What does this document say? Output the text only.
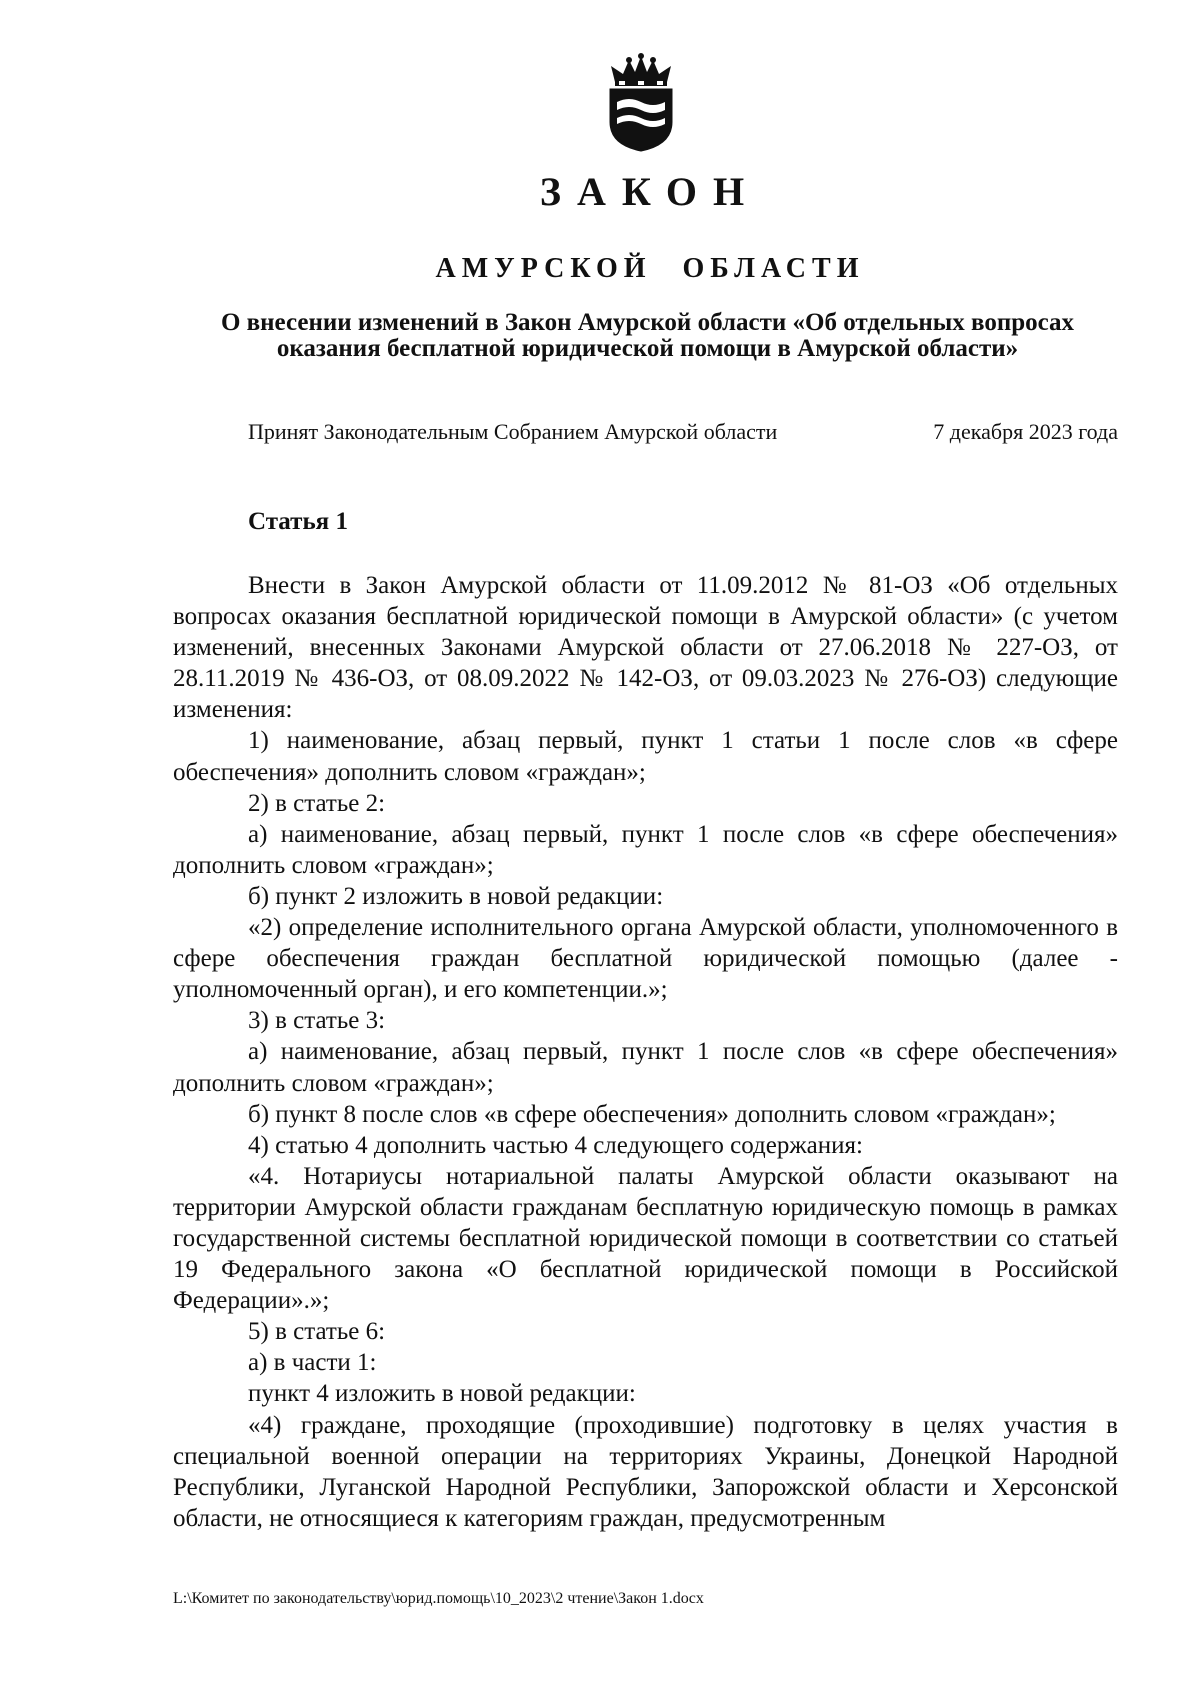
ЗАКОН
АМУРСКОЙ ОБЛАСТИ
О внесении изменений в Закон Амурской области «Об отдельных вопросах оказания бесплатной юридической помощи в Амурской области»
Принят Законодательным Собранием Амурской области	7 декабря 2023 года
Статья 1

Внести в Закон Амурской области от 11.09.2012 № 81-ОЗ «Об отдельных вопросах оказания бесплатной юридической помощи в Амурской области» (с учетом изменений, внесенных Законами Амурской области от 27.06.2018 № 227-ОЗ, от 28.11.2019 № 436-ОЗ, от 08.09.2022 № 142-ОЗ, от 09.03.2023 № 276-ОЗ) следующие изменения:

1) наименование, абзац первый, пункт 1 статьи 1 после слов «в сфере обеспечения» дополнить словом «граждан»;

2) в статье 2:

а) наименование, абзац первый, пункт 1 после слов «в сфере обеспечения» дополнить словом «граждан»;

б) пункт 2 изложить в новой редакции:

«2) определение исполнительного органа Амурской области, уполномоченного в сфере обеспечения граждан бесплатной юридической помощью (далее - уполномоченный орган), и его компетенции.»;

3) в статье 3:

а) наименование, абзац первый, пункт 1 после слов «в сфере обеспечения» дополнить словом «граждан»;

б) пункт 8 после слов «в сфере обеспечения» дополнить словом «граждан»;

4) статью 4 дополнить частью 4 следующего содержания:

«4. Нотариусы нотариальной палаты Амурской области оказывают на территории Амурской области гражданам бесплатную юридическую помощь в рамках государственной системы бесплатной юридической помощи в соответствии со статьей 19 Федерального закона «О бесплатной юридической помощи в Российской Федерации».»;

5) в статье 6:

а) в части 1:

пункт 4 изложить в новой редакции:

«4) граждане, проходящие (проходившие) подготовку в целях участия в специальной военной операции на территориях Украины, Донецкой Народной Республики, Луганской Народной Республики, Запорожской области и Херсонской области, не относящиеся к категориям граждан, предусмотренным

L:\Комитет по законодательству\юрид.помощь\10_2023\2 чтение\Закон 1.docx
